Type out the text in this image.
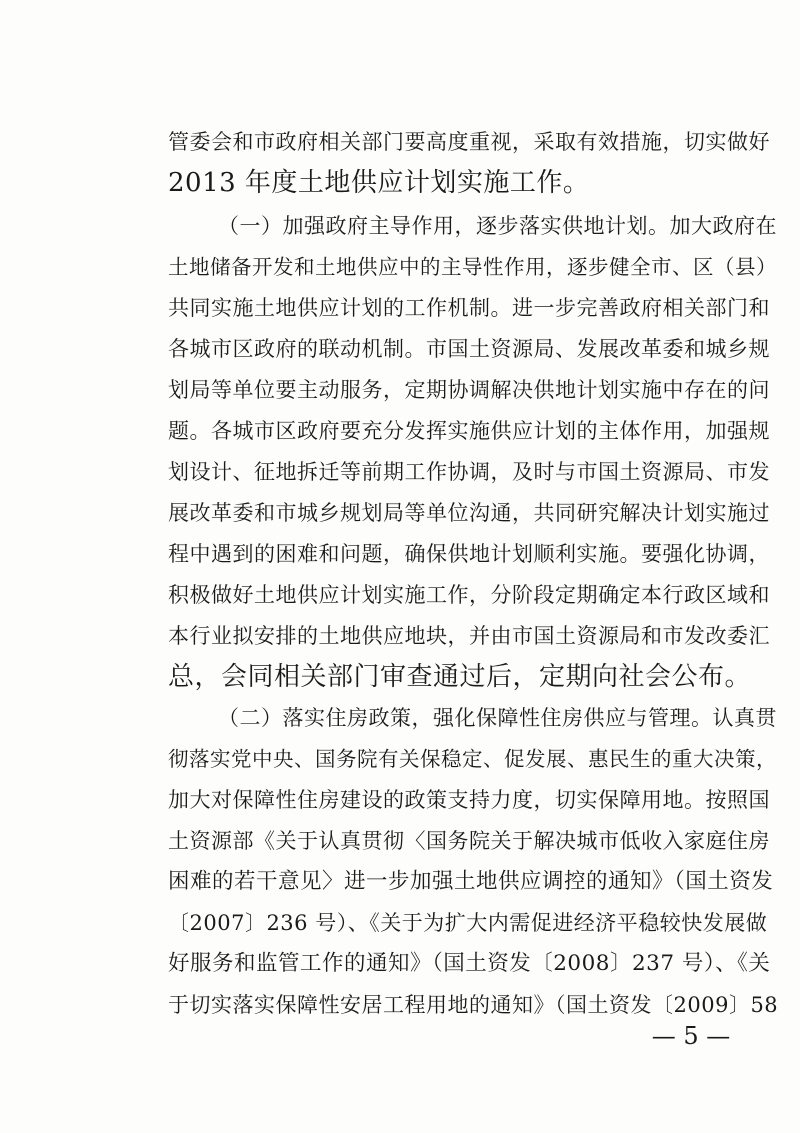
管委会和市政府相关部门要高度重视，采取有效措施，切实做好
2013 年度土地供应计划实施工作。
（一）加强政府主导作用，逐步落实供地计划。加大政府在
土地储备开发和土地供应中的主导性作用，逐步健全市、区（县）
共同实施土地供应计划的工作机制。进一步完善政府相关部门和
各城市区政府的联动机制。市国土资源局、发展改革委和城乡规
划局等单位要主动服务，定期协调解决供地计划实施中存在的问
题。各城市区政府要充分发挥实施供应计划的主体作用，加强规
划设计、征地拆迁等前期工作协调，及时与市国土资源局、市发
展改革委和市城乡规划局等单位沟通，共同研究解决计划实施过
程中遇到的困难和问题，确保供地计划顺利实施。要强化协调，
积极做好土地供应计划实施工作，分阶段定期确定本行政区域和
本行业拟安排的土地供应地块，并由市国土资源局和市发改委汇
总，会同相关部门审查通过后，定期向社会公布。
（二）落实住房政策，强化保障性住房供应与管理。认真贯
彻落实党中央、国务院有关保稳定、促发展、惠民生的重大决策，
加大对保障性住房建设的政策支持力度，切实保障用地。按照国
土资源部《关于认真贯彻〈国务院关于解决城市低收入家庭住房
困难的若干意见〉进一步加强土地供应调控的通知》（国土资发
〔2007〕236 号）、《关于为扩大内需促进经济平稳较快发展做
好服务和监管工作的通知》（国土资发〔2008〕237 号）、《关
于切实落实保障性安居工程用地的通知》（国土资发〔2009〕58
— 5 —
